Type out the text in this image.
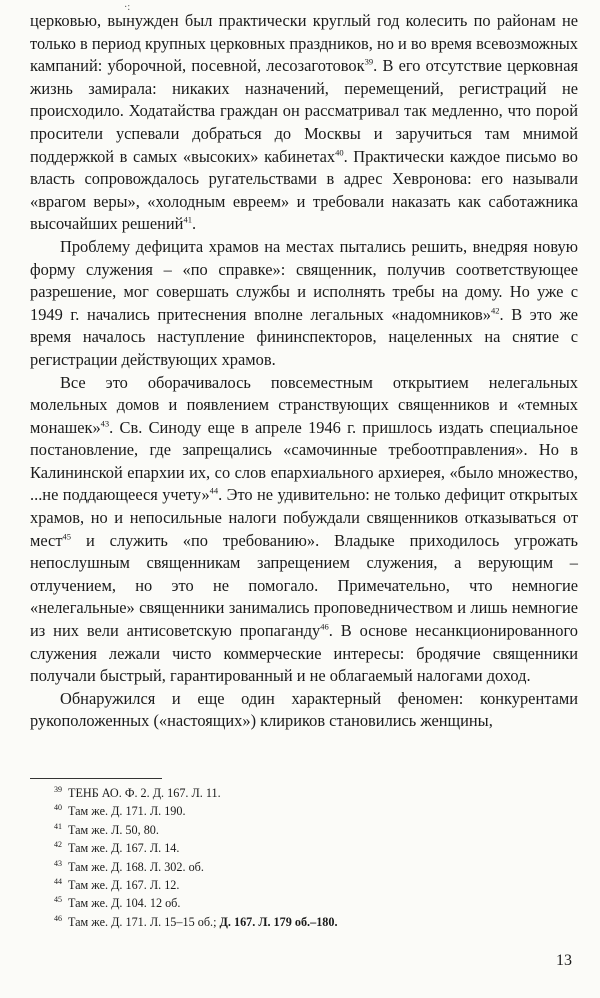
·:

церковью, вынужден был практически круглый год колесить по районам не только в период крупных церковных праздников, но и во время всевозможных кампаний: уборочной, посевной, лесозаготовок$^{39}$. В его отсутствие церковная жизнь замирала: никаких назначений, перемещений, регистраций не происходило. Ходатайства граждан он рассматривал так медленно, что порой просители успевали добраться до Москвы и заручиться там мнимой поддержкой в самых «высоких» кабинетах$^{40}$. Практически каждое письмо во власть сопровождалось ругательствами в адрес Хевронова: его называли «врагом веры», «холодным евреем» и требовали наказать как саботажника высочайших решений$^{41}$.

Проблему дефицита храмов на местах пытались решить, внедряя новую форму служения – «по справке»: священник, получив соответствующее разрешение, мог совершать службы и исполнять требы на дому. Но уже с 1949 г. начались притеснения вполне легальных «надомников»$^{42}$. В это же время началось наступление фининспекторов, нацеленных на снятие с регистрации действующих храмов.

Все это оборачивалось повсеместным открытием нелегальных молельных домов и появлением странствующих священников и «темных монашек»$^{43}$. Св. Синоду еще в апреле 1946 г. пришлось издать специальное постановление, где запрещались «самочинные требоотправления». Но в Калининской епархии их, со слов епархиального архиерея, «было множество, ...не поддающееся учету»$^{44}$. Это не удивительно: не только дефицит открытых храмов, но и непосильные налоги побуждали священников отказываться от мест$^{45}$ и служить «по требованию». Владыке приходилось угрожать непослушным священникам запрещением служения, а верующим – отлучением, но это не помогало. Примечательно, что немногие «нелегальные» священники занимались проповедничеством и лишь немногие из них вели антисоветскую пропаганду$^{46}$. В основе несанкционированного служения лежали чисто коммерческие интересы: бродячие священники получали быстрый, гарантированный и не облагаемый налогами доход.

Обнаружился и еще один характерный феномен: конкурентами рукоположенных («настоящих») клириков становились женщины,

39 ТЕНБ АО. Ф. 2. Д. 167. Л. 11.
40 Там же. Д. 171. Л. 190.
41 Там же. Л. 50, 80.
42 Там же. Д. 167. Л. 14.
43 Там же. Д. 168. Л. 302. об.
44 Там же. Д. 167. Л. 12.
45 Там же. Д. 104. 12 об.
46 Там же. Д. 171. Л. 15–15 об.; Д. 167. Л. 179 об.–180.
13
